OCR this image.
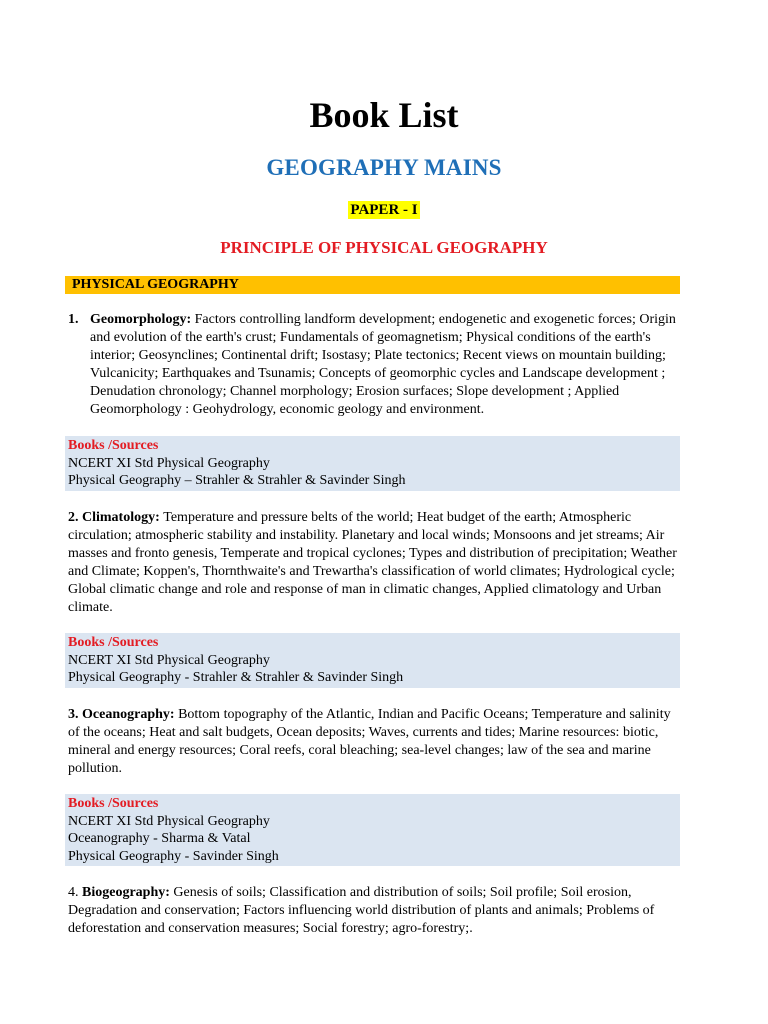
Book List
GEOGRAPHY MAINS
PAPER - I
PRINCIPLE OF PHYSICAL GEOGRAPHY
PHYSICAL GEOGRAPHY
1. Geomorphology: Factors controlling landform development; endogenetic and exogenetic forces; Origin and evolution of the earth's crust; Fundamentals of geomagnetism; Physical conditions of the earth's interior; Geosynclines; Continental drift; Isostasy; Plate tectonics; Recent views on mountain building; Vulcanicity; Earthquakes and Tsunamis; Concepts of geomorphic cycles and Landscape development ; Denudation chronology; Channel morphology; Erosion surfaces; Slope development ; Applied Geomorphology : Geohydrology, economic geology and environment.
Books /Sources
NCERT XI Std Physical Geography
Physical Geography – Strahler & Strahler & Savinder Singh
2. Climatology: Temperature and pressure belts of the world; Heat budget of the earth; Atmospheric circulation; atmospheric stability and instability. Planetary and local winds; Monsoons and jet streams; Air masses and fronto genesis, Temperate and tropical cyclones; Types and distribution of precipitation; Weather and Climate; Koppen's, Thornthwaite's and Trewartha's classification of world climates; Hydrological cycle; Global climatic change and role and response of man in climatic changes, Applied climatology and Urban climate.
Books /Sources
NCERT XI Std Physical Geography
Physical Geography - Strahler & Strahler & Savinder Singh
3. Oceanography: Bottom topography of the Atlantic, Indian and Pacific Oceans; Temperature and salinity of the oceans; Heat and salt budgets, Ocean deposits; Waves, currents and tides; Marine resources: biotic, mineral and energy resources; Coral reefs, coral bleaching; sea-level changes; law of the sea and marine pollution.
Books /Sources
NCERT XI Std Physical Geography
Oceanography - Sharma & Vatal
Physical Geography - Savinder Singh
4. Biogeography: Genesis of soils; Classification and distribution of soils; Soil profile; Soil erosion, Degradation and conservation; Factors influencing world distribution of plants and animals; Problems of deforestation and conservation measures; Social forestry; agro-forestry;.
